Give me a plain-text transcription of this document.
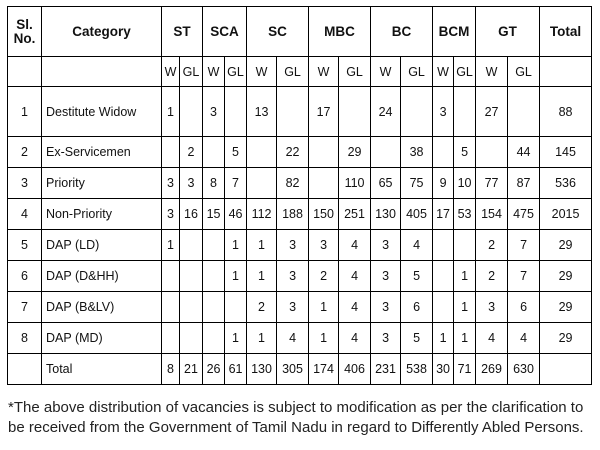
Sl. No.	Category	ST		SCA		SC		MBC		BC		BCM		GT		Total
		W	GL	W	GL	W	GL	W	GL	W	GL	W	GL	W	GL	
1	Destitute Widow	1		3		13		17		24		3		27		88
2	Ex-Servicemen		2		5		22		29		38		5		44	145
3	Priority	3	3	8	7		82		110	65	75	9	10	77	87	536
4	Non-Priority	3	16	15	46	112	188	150	251	130	405	17	53	154	475	2015
5	DAP (LD)	1			1	1	3	3	4	3	4			2	7	29
6	DAP (D&HH)				1	1	3	2	4	3	5		1	2	7	29
7	DAP (B&LV)					2	3	1	4	3	6		1	3	6	29
8	DAP (MD)				1	1	4	1	4	3	5	1	1	4	4	29
	Total	8	21	26	61	130	305	174	406	231	538	30	71	269	630	

*The above distribution of vacancies is subject to modification as per the clarification to be received from the Government of Tamil Nadu in regard to Differently Abled Persons.
